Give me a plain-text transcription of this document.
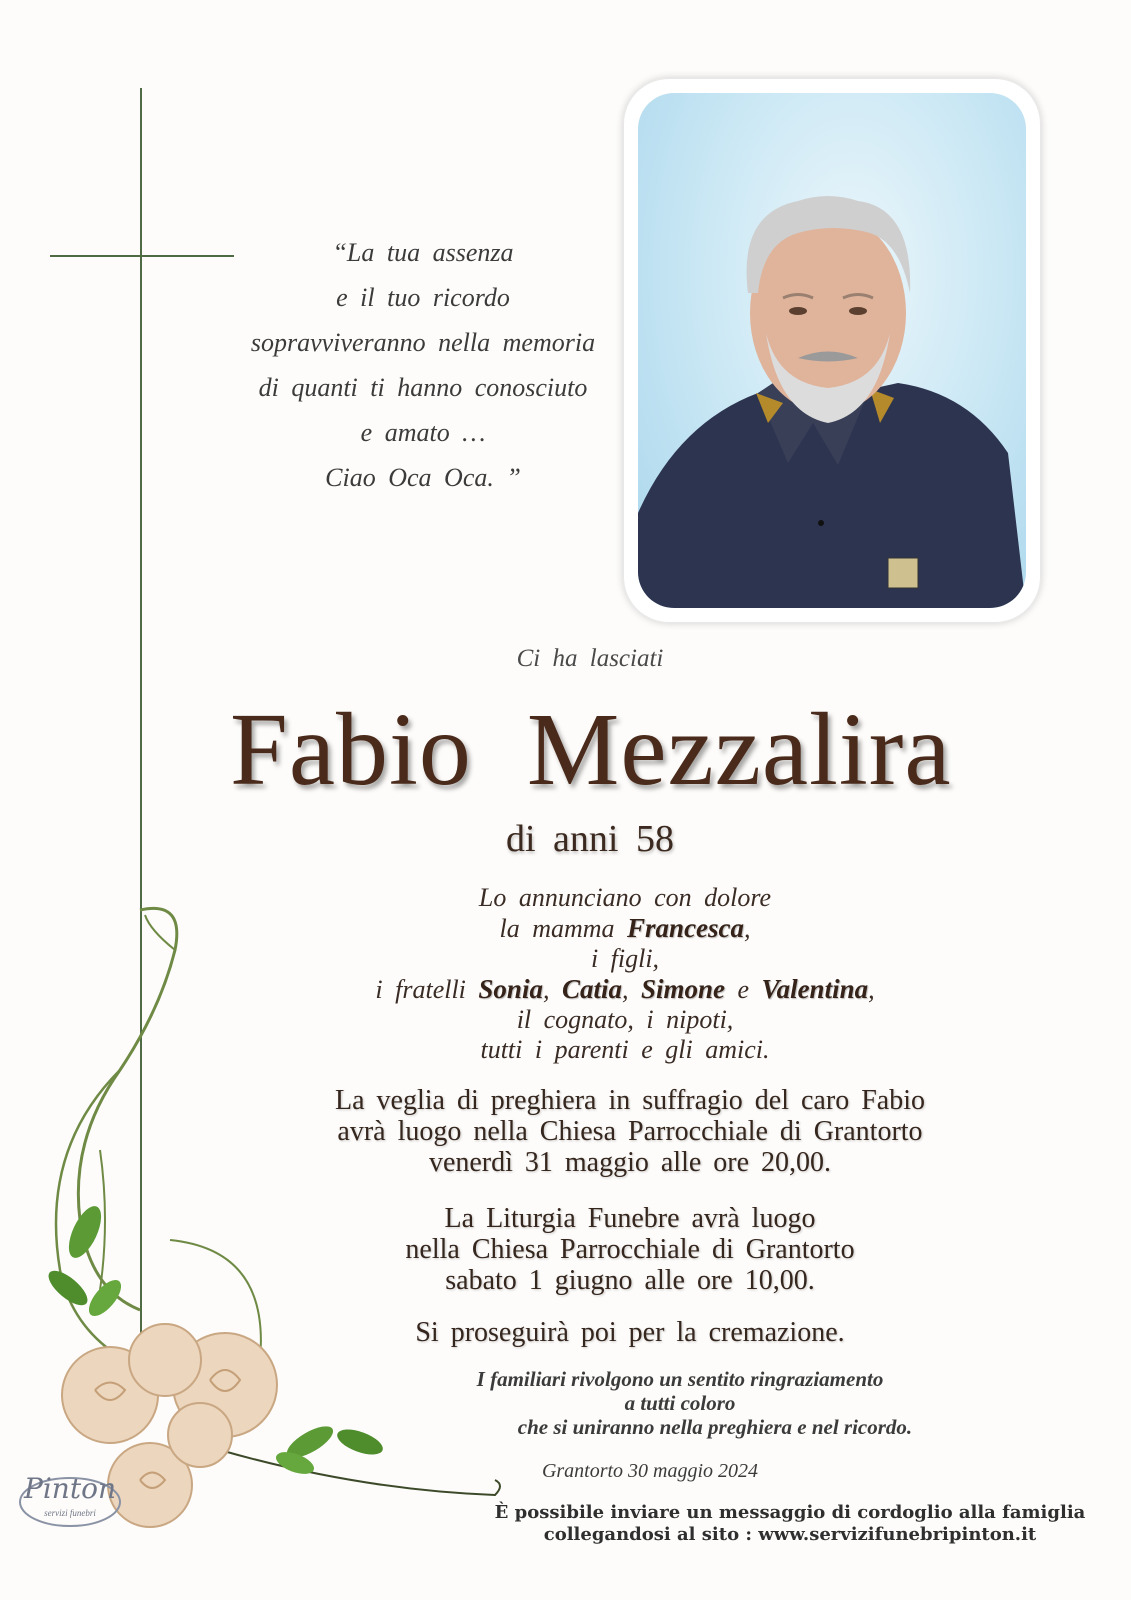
“La tua assenza
e il tuo ricordo
sopravviveranno nella memoria
di quanti ti hanno conosciuto
e amato …
Ciao Oca Oca. ”
Ci ha lasciati
Fabio Mezzalira
di anni 58
Lo annunciano con dolore
la mamma Francesca,
i figli,
i fratelli Sonia, Catia, Simone e Valentina,
il cognato, i nipoti,
tutti i parenti e gli amici.
La veglia di preghiera in suffragio del caro Fabio
avrà luogo nella Chiesa Parrocchiale di Grantorto
venerdì 31 maggio alle ore 20,00.
La Liturgia Funebre avrà luogo
nella Chiesa Parrocchiale di Grantorto
sabato 1 giugno alle ore 10,00.
Si proseguirà poi per la cremazione.
I familiari rivolgono un sentito ringraziamento
a tutti coloro
che si uniranno nella preghiera e nel ricordo.
Grantorto 30 maggio 2024
È possibile inviare un messaggio di cordoglio alla famiglia
collegandosi al sito : www.servizifunebripinton.it
Pinton
servizi funebri
